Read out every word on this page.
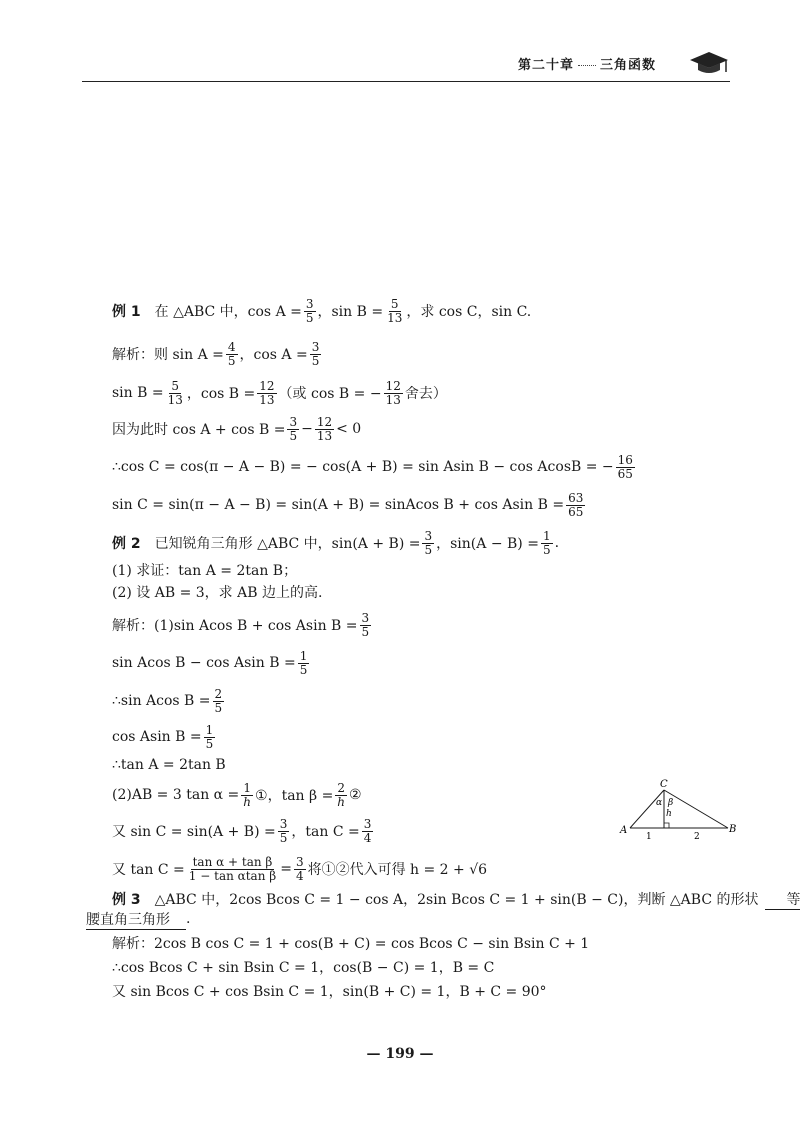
第二十章 三角函数
例 1 在 △ABC 中，$\cos A = \frac{3}{5}$ ，$\sin B = \frac{5}{13}$ ，求 cos C，sin C.
解析：则 $\sin A = \frac{4}{5}$ ，$\cos A = \frac{3}{5}$
$\sin B = \frac{5}{13}$ ，$\cos B = \frac{12}{13}$ （或 cos B = − $\frac{12}{13}$ 舍去）
因为此时 $\cos A + \cos B = \frac{3}{5} - \frac{12}{13} < 0$
∴cos C = cos(π − A − B) = − cos(A + B) = sin Asin B − cos AcosB = − $\frac{16}{65}$
sin C = sin(π − A − B) = sin(A + B) = sinAcos B + cos Asin $B = \frac{63}{65}$
例 2 已知锐角三角形 △ABC 中，$\sin(A + B) = \frac{3}{5}$ ，$\sin(A - B) = \frac{1}{5}$ .
(1) 求证：tan A = 2tan B；
(2) 设 AB = 3，求 AB 边上的高.
解析：(1)sin Acos B + cos Asin $B = \frac{3}{5}$
sin Acos B − cos Asin $B = \frac{1}{5}$
∴sin Acos $B = \frac{2}{5}$
cos Asin $B = \frac{1}{5}$
∴tan A = 2tan B
(2)AB = 3 $\tan \alpha = \frac{1}{h}$ ①，$\tan \beta = \frac{2}{h}$ ②
又 $\sin C = \sin(A + B) = \frac{3}{5}$ ，$\tan C = \frac{3}{4}$
又 $\tan C = \frac{\text{tan α + tan β}}{\text{1 − tan αtan β}} = \frac{3}{4}$ 将①②代入可得 h = 2 + √6
C
A	B
h
α β
1	2
例 3 △ABC 中，2cos Bcos C = 1 − cos A，2sin Bcos C = 1 + sin(B − C)，判断 △ABC 的形状	等
腰直角三角形	.
解析：2cos B cos C = 1 + cos(B + C) = cos Bcos C − sin Bsin C + 1
∴cos Bcos C + sin Bsin C = 1，cos(B − C) = 1，B = C
又 sin Bcos C + cos Bsin C = 1，sin(B + C) = 1，B + C = 90°
— 199 —
